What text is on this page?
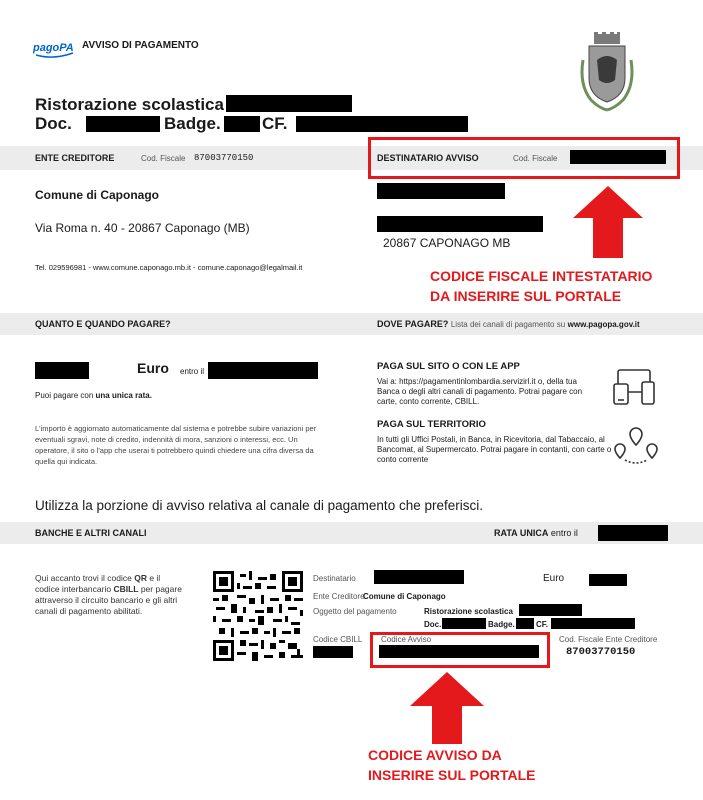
pagoPA AVVISO DI PAGAMENTO
Ristorazione scolastica
Doc.	Badge. CF.
ENTE CREDITORE	Cod. Fiscale 87003770150	DESTINATARIO AVVISO	Cod. Fiscale
Comune di Caponago
Via Roma n. 40 - 20867 Caponago (MB)
Tel. 029596981 - www.comune.caponago.mb.it - comune.caponago@legalmail.it
20867 CAPONAGO MB
CODICE FISCALE INTESTATARIO
DA INSERIRE SUL PORTALE
QUANTO E QUANDO PAGARE?	DOVE PAGARE? Lista dei canali di pagamento su www.pagopa.gov.it
Euro entro il
Puoi pagare con una unica rata.
L'importo è aggiornato automaticamente dal sistema e potrebbe subire variazioni per eventuali sgravi, note di credito, indennità di mora, sanzioni o interessi, ecc. Un operatore, il sito o l'app che userai ti potrebbero quindi chiedere una cifra diversa da quella qui indicata.
PAGA SUL SITO O CON LE APP
Vai a: https://pagamentinlombardia.servizirl.it o, della tua Banca o degli altri canali di pagamento. Potrai pagare con carte, conto corrente, CBILL.
PAGA SUL TERRITORIO
In tutti gli Uffici Postali, in Banca, in Ricevitoria, dal Tabaccaio, al Bancomat, al Supermercato. Potrai pagare in contanti, con carte o conto corrente
Utilizza la porzione di avviso relativa al canale di pagamento che preferisci.
BANCHE E ALTRI CANALI	RATA UNICA entro il
Qui accanto trovi il codice QR e il codice interbancario CBILL per pagare attraverso il circuito bancario e gli altri canali di pagamento abilitati.
Destinatario	Euro
Ente Creditore
Comune di Caponago
Oggetto del pagamento	Ristorazione scolastica
Doc.	Badge.	CF.
Codice CBILL Codice Avviso	Cod. Fiscale Ente Creditore
87003770150
CODICE AVVISO DA
INSERIRE SUL PORTALE
